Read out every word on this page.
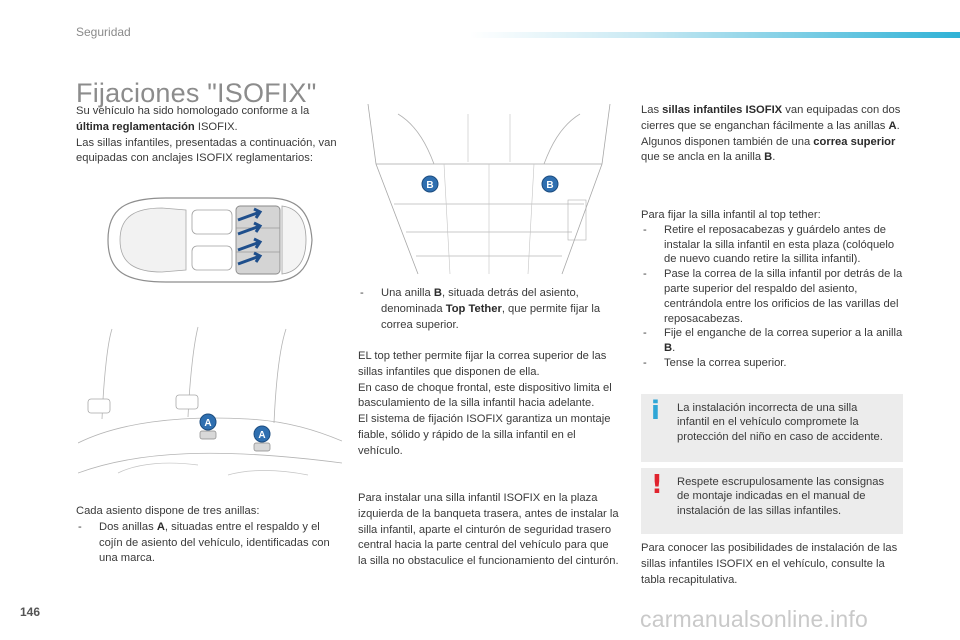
Seguridad
Fijaciones "ISOFIX"

Su vehículo ha sido homologado conforme a la
última reglamentación ISOFIX.

Las sillas infantiles, presentadas a continuación, van equipadas con anclajes ISOFIX reglamentarios:

A
A

Cada asiento dispone de tres anillas:

- Dos anillas A, situadas entre el respaldo y el cojín de asiento del vehículo, identificadas con una marca.

B	B

- Una anilla B, situada detrás del asiento, denominada Top Tether, que permite fijar la correa superior.

EL top tether permite fijar la correa superior de las sillas infantiles que disponen de ella.

En caso de choque frontal, este dispositivo limita el basculamiento de la silla infantil hacia adelante.

El sistema de fijación ISOFIX garantiza un montaje fiable, sólido y rápido de la silla infantil en el vehículo.

Para instalar una silla infantil ISOFIX en la plaza izquierda de la banqueta trasera, antes de instalar la silla infantil, aparte el cinturón de seguridad trasero central hacia la parte central del vehículo para que la silla no obstaculice el funcionamiento del cinturón.

Las sillas infantiles ISOFIX van equipadas con dos cierres que se enganchan fácilmente a las anillas A.

Algunos disponen también de una correa superior que se ancla en la anilla B.

Para fijar la silla infantil al top tether:

- Retire el reposacabezas y guárdelo antes de instalar la silla infantil en esta plaza (colóquelo de nuevo cuando retire la sillita infantil).

- Pase la correa de la silla infantil por detrás de la parte superior del respaldo del asiento, centrándola entre los orificios de las varillas del reposacabezas.

- Fije el enganche de la correa superior a la anilla B.

- Tense la correa superior.

i La instalación incorrecta de una silla infantil en el vehículo compromete la protección del niño en caso de accidente.
! Respete escrupulosamente las consignas de montaje indicadas en el manual de instalación de las sillas infantiles.

Para conocer las posibilidades de instalación de las sillas infantiles ISOFIX en el vehículo, consulte la tabla recapitulativa.

146	carmanualsonline.info
